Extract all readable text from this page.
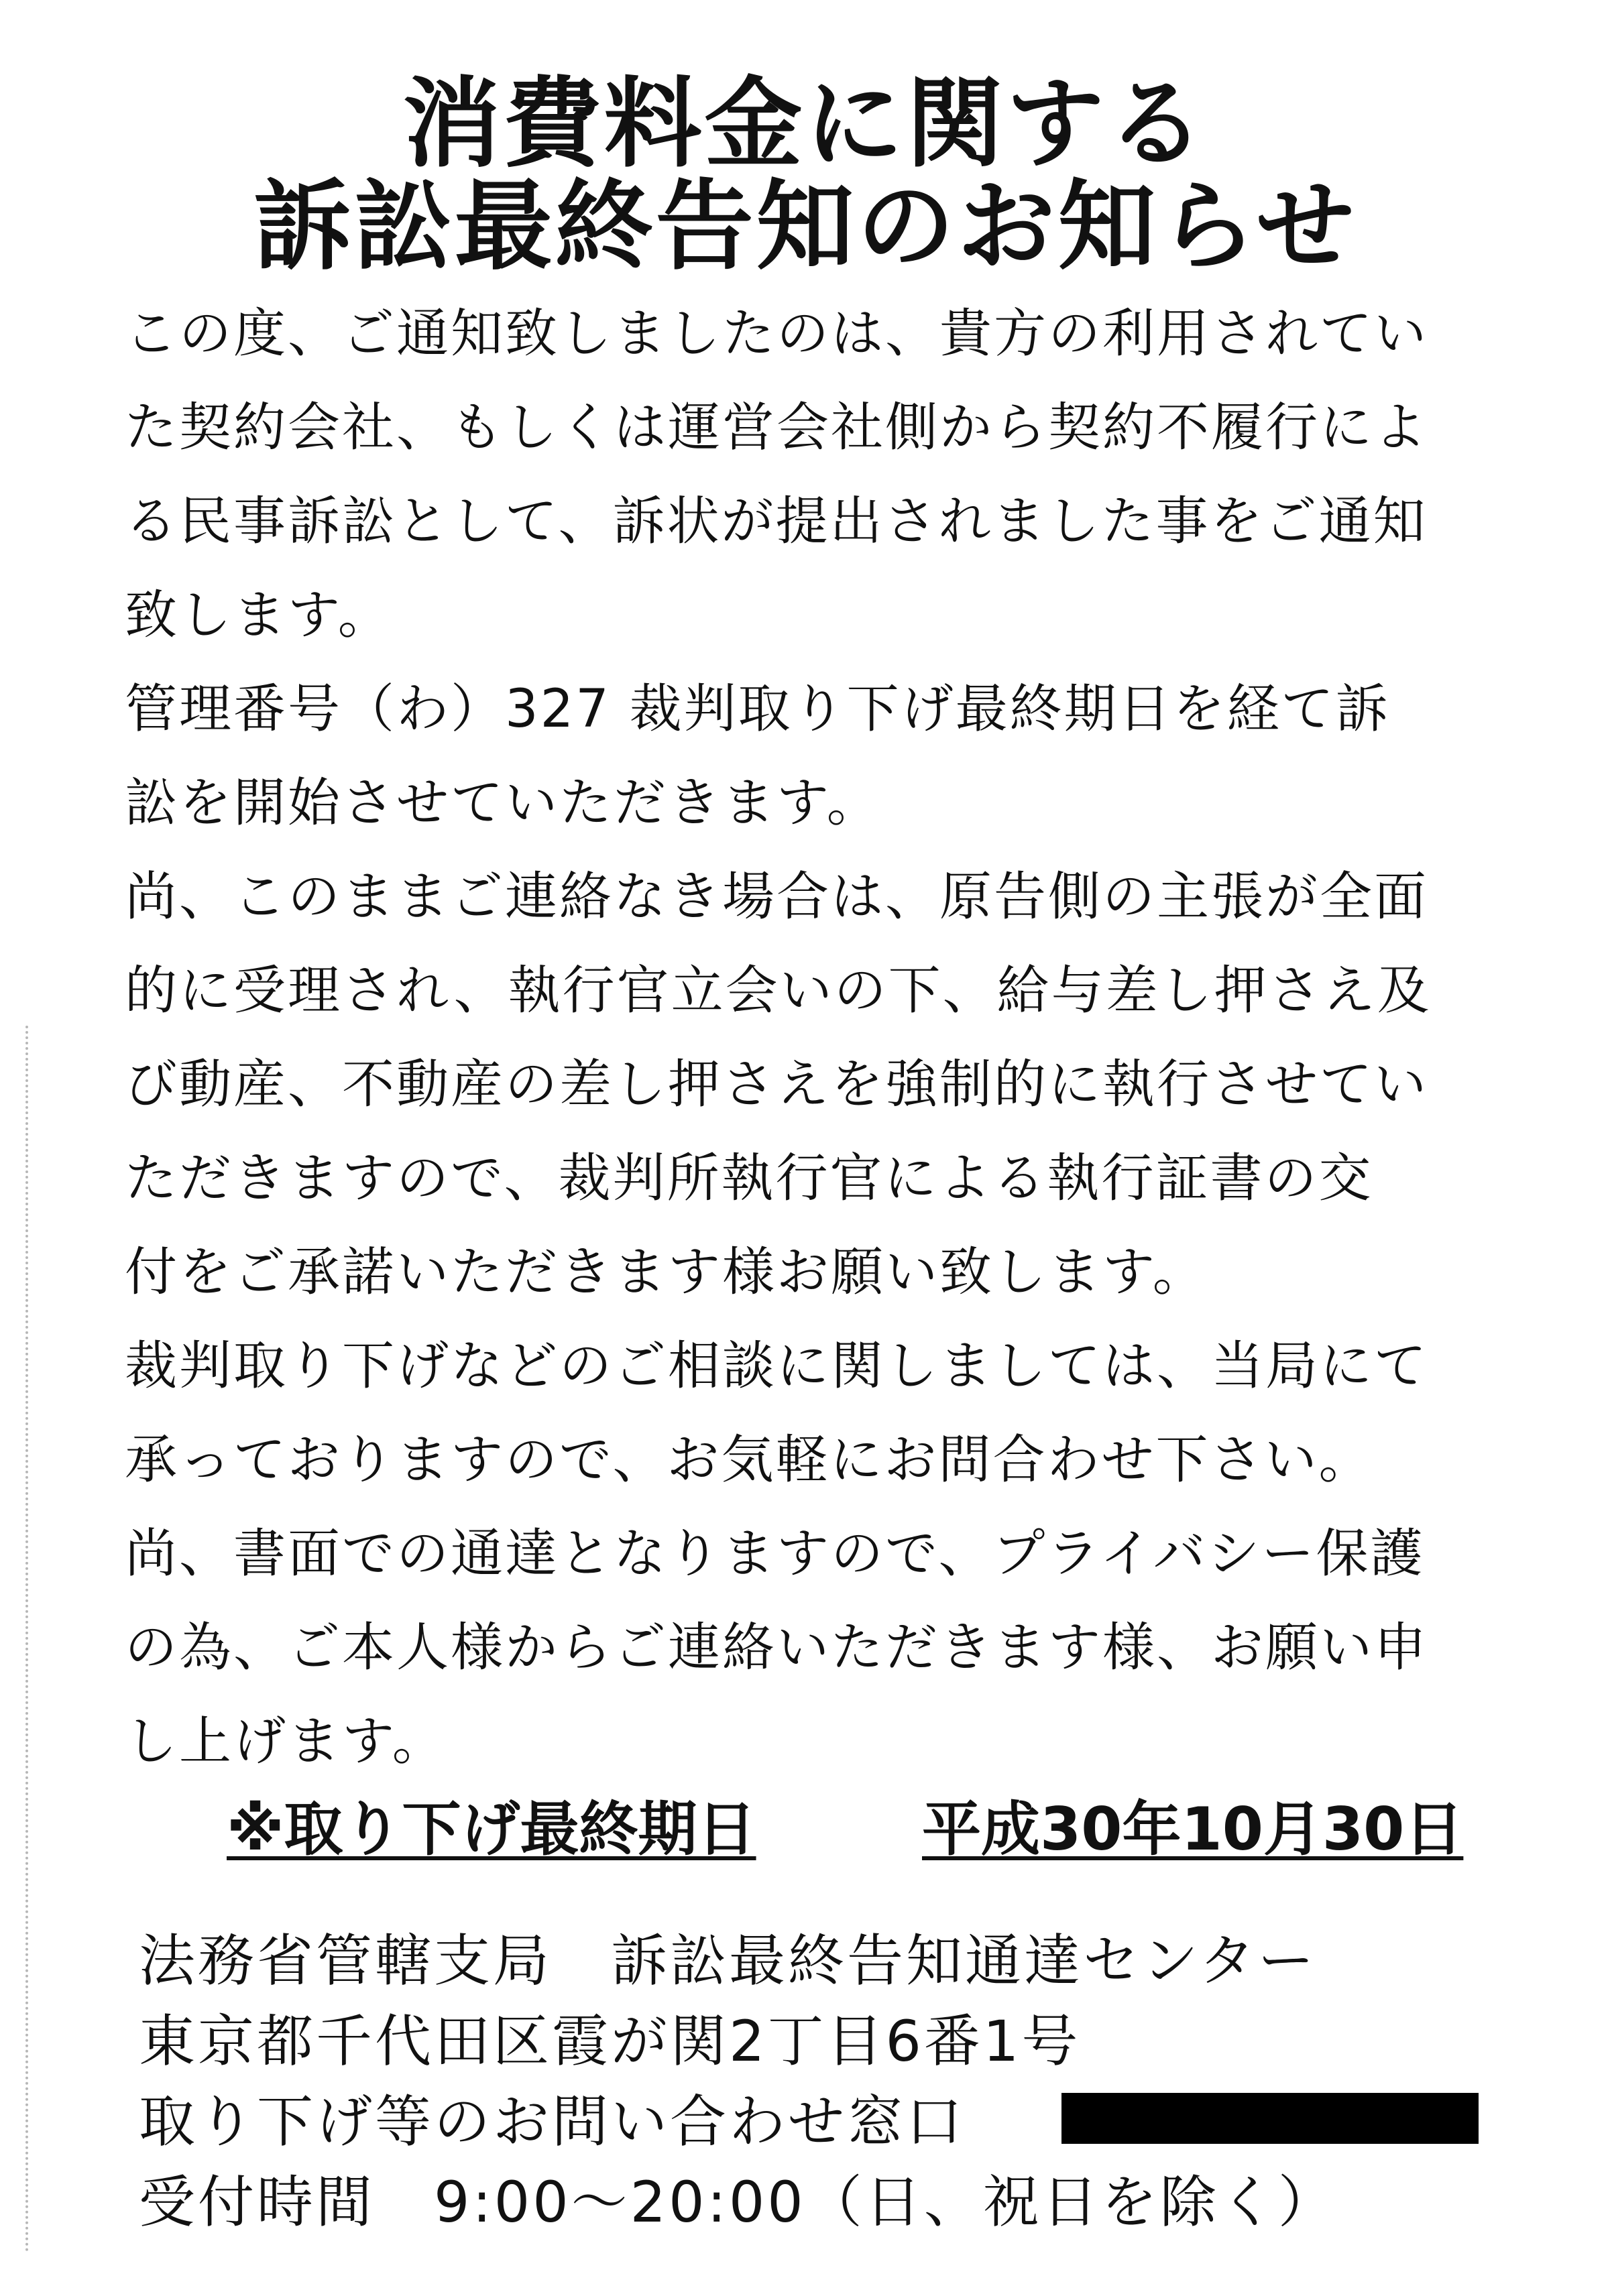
消費料金に関する
訴訟最終告知のお知らせ
この度、ご通知致しましたのは、貴方の利用されてい
た契約会社、もしくは運営会社側から契約不履行によ
る民事訴訟として、訴状が提出されました事をご通知
致します。
管理番号（わ）327 裁判取り下げ最終期日を経て訴
訟を開始させていただきます。
尚、このままご連絡なき場合は、原告側の主張が全面
的に受理され、執行官立会いの下、給与差し押さえ及
び動産、不動産の差し押さえを強制的に執行させてい
ただきますので、裁判所執行官による執行証書の交
付をご承諾いただきます様お願い致します。
裁判取り下げなどのご相談に関しましては、当局にて
承っておりますので、お気軽にお問合わせ下さい。
尚、書面での通達となりますので、プライバシー保護
の為、ご本人様からご連絡いただきます様、お願い申
し上げます。
※取り下げ最終期日	平成30年10月30日
法務省管轄支局　訴訟最終告知通達センター
東京都千代田区霞が関2丁目6番1号
取り下げ等のお問い合わせ窓口
受付時間　9:00〜20:00（日、祝日を除く）
